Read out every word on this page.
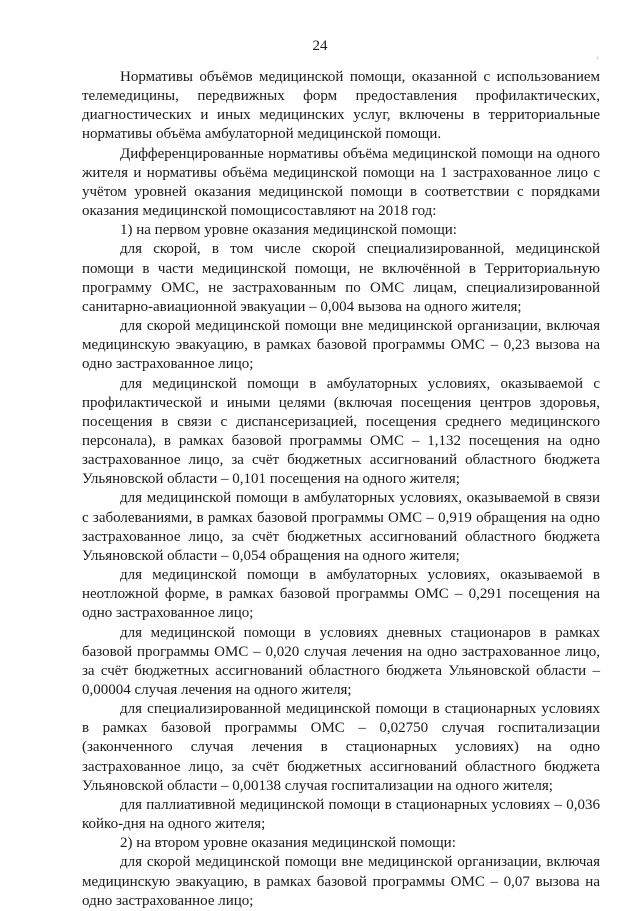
24

Нормативы объёмов медицинской помощи, оказанной с использованием телемедицины, передвижных форм предоставления профилактических, диагностических и иных медицинских услуг, включены в территориальные нормативы объёма амбулаторной медицинской помощи.

Дифференцированные нормативы объёма медицинской помощи на одного жителя и нормативы объёма медицинской помощи на 1 застрахованное лицо с учётом уровней оказания медицинской помощи в соответствии с порядками оказания медицинской помощисоставляют на 2018 год:

1) на первом уровне оказания медицинской помощи:

для скорой, в том числе скорой специализированной, медицинской помощи в части медицинской помощи, не включённой в Территориальную программу ОМС, не застрахованным по ОМС лицам, специализированной санитарно-авиационной эвакуации – 0,004 вызова на одного жителя;

для скорой медицинской помощи вне медицинской организации, включая медицинскую эвакуацию, в рамках базовой программы ОМС – 0,23 вызова на одно застрахованное лицо;

для медицинской помощи в амбулаторных условиях, оказываемой с профилактической и иными целями (включая посещения центров здоровья, посещения в связи с диспансеризацией, посещения среднего медицинского персонала), в рамках базовой программы ОМС – 1,132 посещения на одно застрахованное лицо, за счёт бюджетных ассигнований областного бюджета Ульяновской области – 0,101 посещения на одного жителя;

для медицинской помощи в амбулаторных условиях, оказываемой в связи с заболеваниями, в рамках базовой программы ОМС – 0,919 обращения на одно застрахованное лицо, за счёт бюджетных ассигнований областного бюджета Ульяновской области – 0,054 обращения на одного жителя;

для медицинской помощи в амбулаторных условиях, оказываемой в неотложной форме, в рамках базовой программы ОМС – 0,291 посещения на одно застрахованное лицо;

для медицинской помощи в условиях дневных стационаров в рамках базовой программы ОМС – 0,020 случая лечения на одно застрахованное лицо, за счёт бюджетных ассигнований областного бюджета Ульяновской области – 0,00004 случая лечения на одного жителя;

для специализированной медицинской помощи в стационарных условиях в рамках базовой программы ОМС – 0,02750 случая госпитализации (законченного случая лечения в стационарных условиях) на одно застрахованное лицо, за счёт бюджетных ассигнований областного бюджета Ульяновской области – 0,00138 случая госпитализации на одного жителя;

для паллиативной медицинской помощи в стационарных условиях – 0,036 койко-дня на одного жителя;

2) на втором уровне оказания медицинской помощи:

для скорой медицинской помощи вне медицинской организации, включая медицинскую эвакуацию, в рамках базовой программы ОМС – 0,07 вызова на одно застрахованное лицо;

·
